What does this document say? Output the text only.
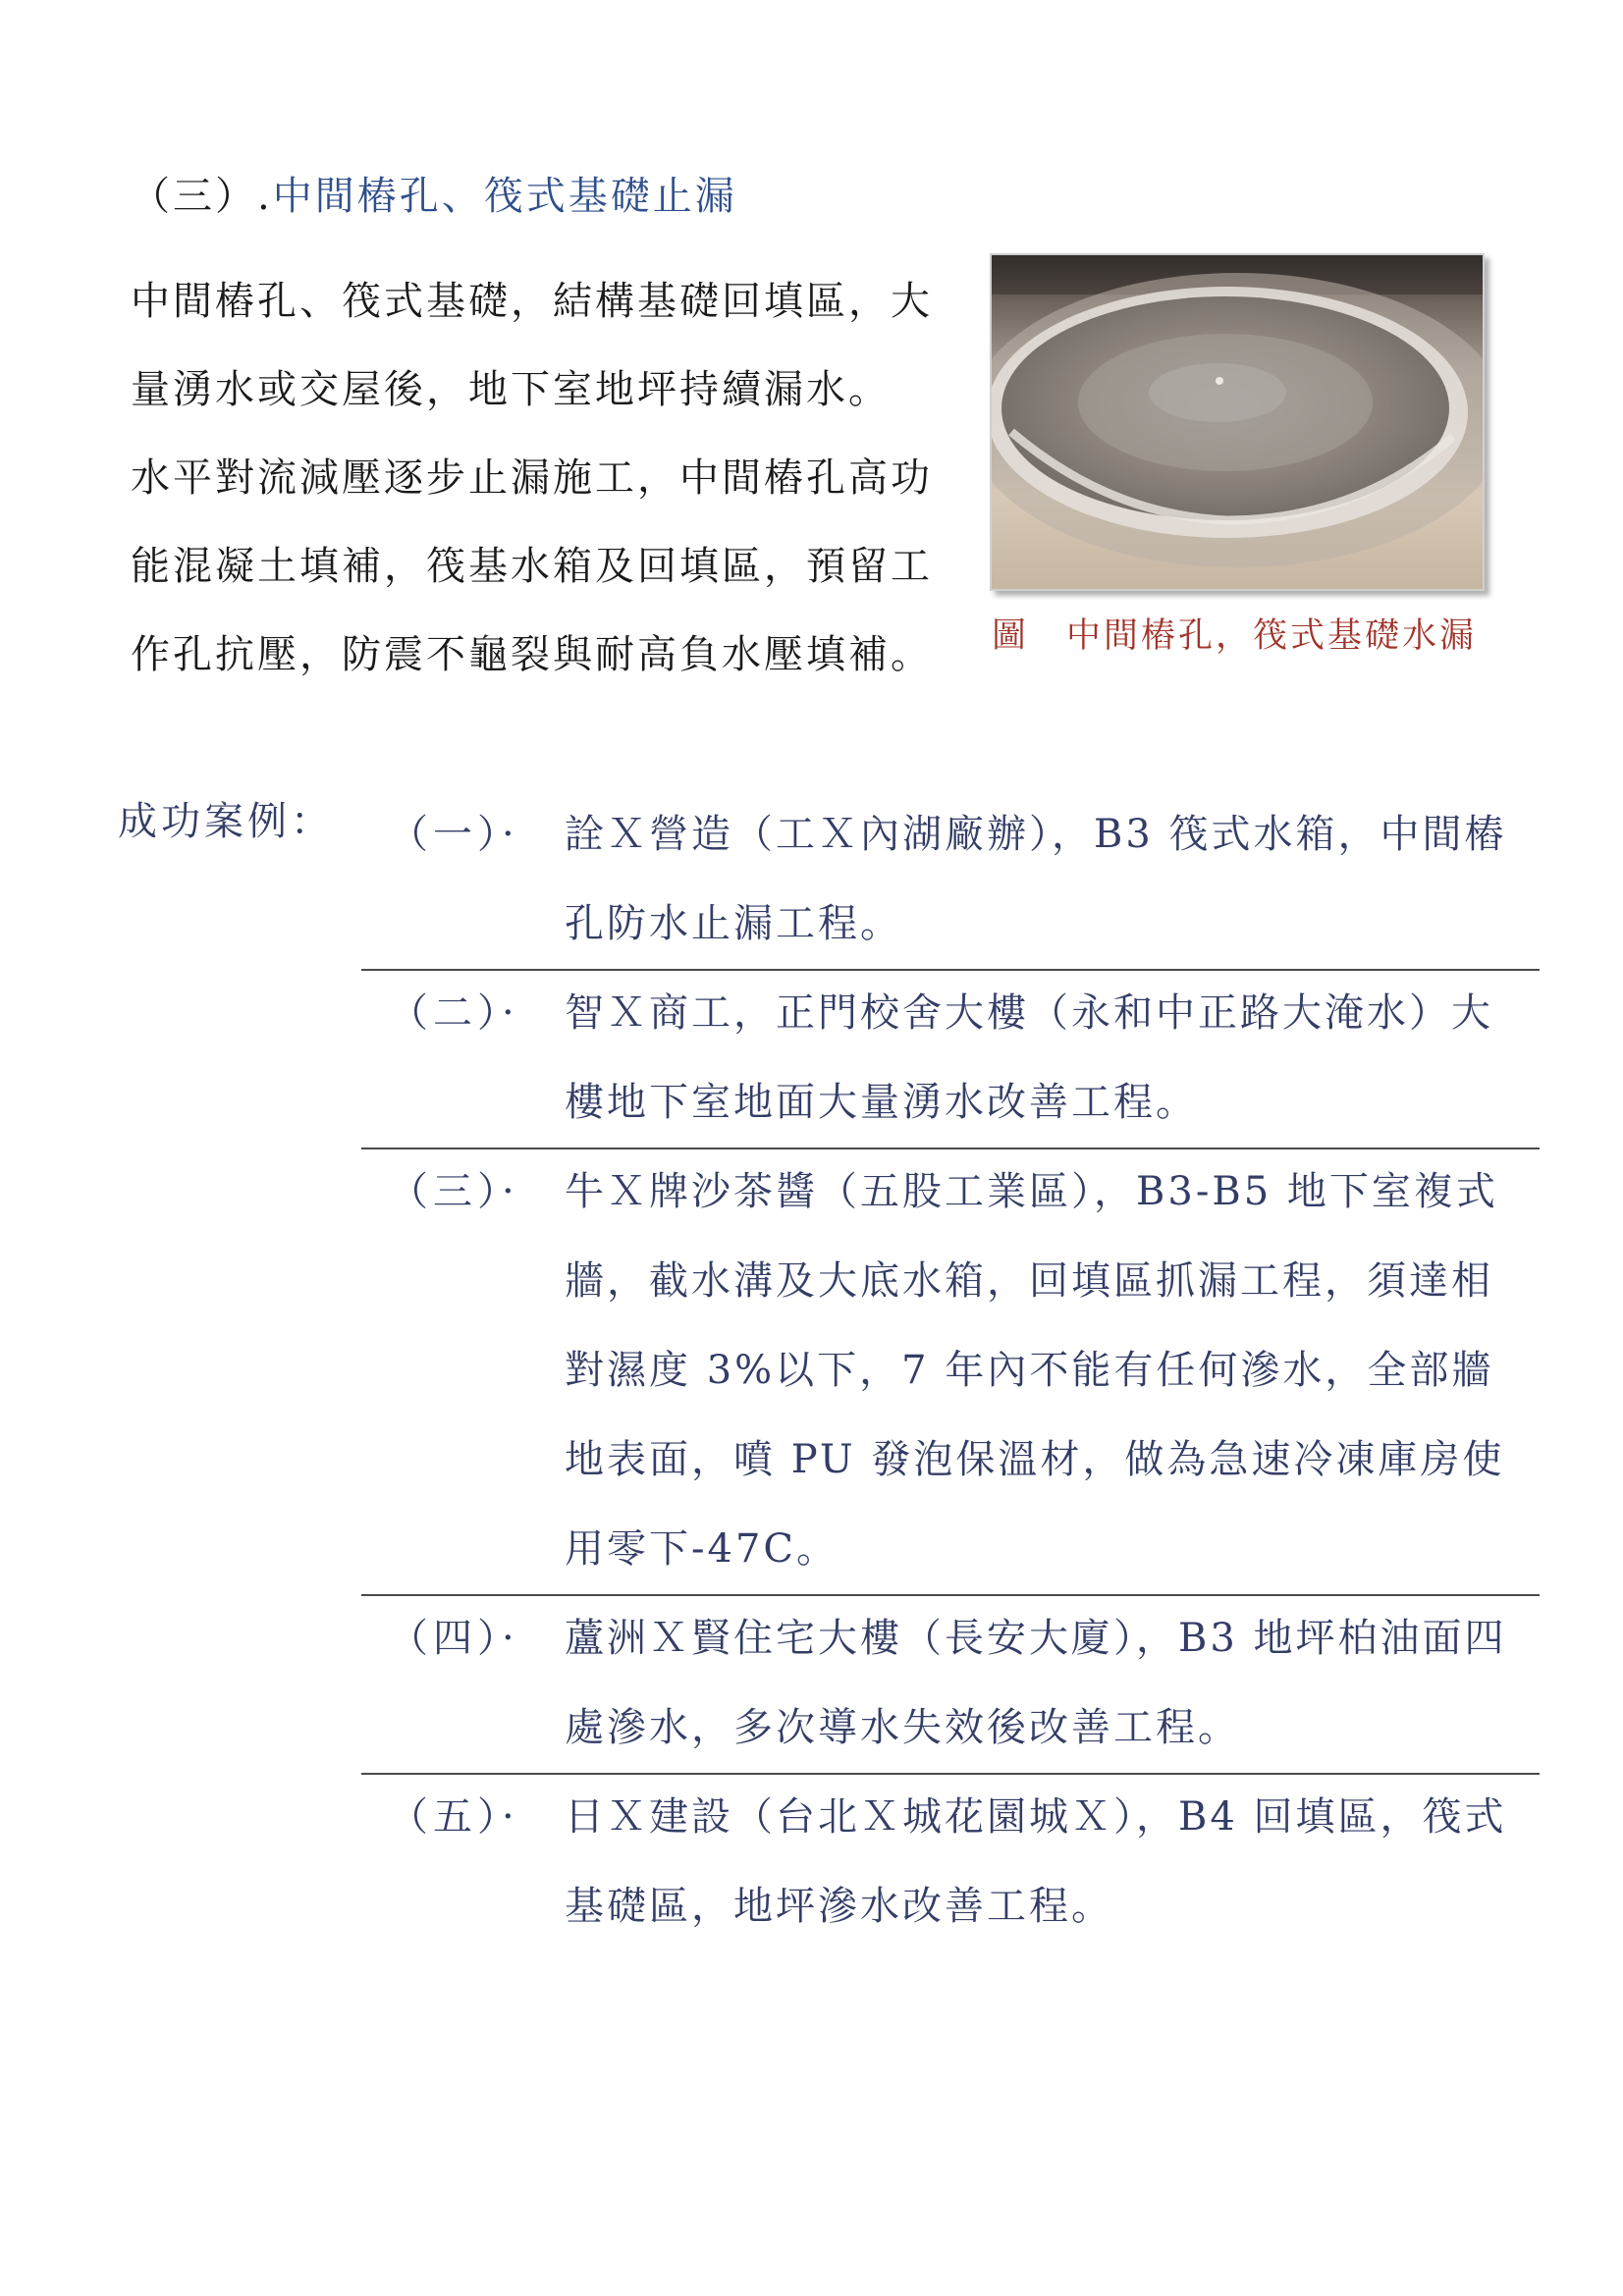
（三）.中間樁孔、筏式基礎止漏

中間樁孔、筏式基礎，結構基礎回填區，大量湧水或交屋後，地下室地坪持續漏水。

水平對流減壓逐步止漏施工，中間樁孔高功能混凝土填補，筏基水箱及回填區，預留工作孔抗壓，防震不龜裂與耐高負水壓填補。	圖　中間樁孔，筏式基礎水漏
成功案例： （一）· 詮Ｘ營造（工Ｘ內湖廠辦），B3 筏式水箱，中間樁孔防水止漏工程。
（二）· 智Ｘ商工，正門校舍大樓（永和中正路大淹水）大樓地下室地面大量湧水改善工程。
（三）· 牛Ｘ牌沙茶醬（五股工業區），B3-B5 地下室複式牆，截水溝及大底水箱，回填區抓漏工程，須達相對濕度 3%以下，7 年內不能有任何滲水，全部牆地表面，噴 PU 發泡保溫材，做為急速冷凍庫房使用零下-47C。
（四）· 蘆洲Ｘ賢住宅大樓（長安大廈），B3 地坪柏油面四處滲水，多次導水失效後改善工程。
（五）· 日Ｘ建設（台北Ｘ城花園城Ｘ），B4 回填區，筏式基礎區，地坪滲水改善工程。
